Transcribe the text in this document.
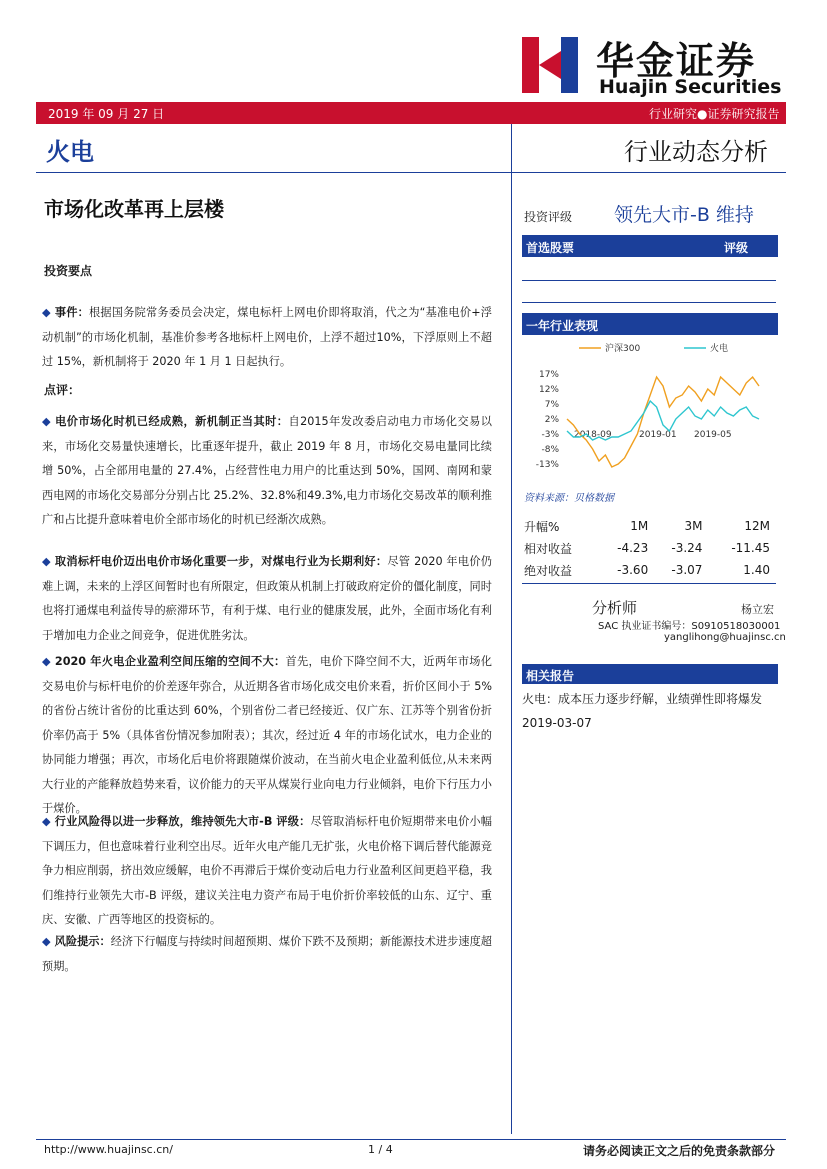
华金证券
Huajin Securities
2019 年 09 月 27 日	行业研究●证券研究报告
火电	行业动态分析
市场化改革再上层楼
投资要点
◆ 事件：根据国务院常务委员会决定，煤电标杆上网电价即将取消，代之为“基准电价+浮动机制”的市场化机制，基准价参考各地标杆上网电价，上浮不超过10%，下浮原则上不超过 15%，新机制将于 2020 年 1 月 1 日起执行。
点评：
◆ 电价市场化时机已经成熟，新机制正当其时：自2015年发改委启动电力市场化交易以来，市场化交易量快速增长，比重逐年提升，截止 2019 年 8 月，市场化交易电量同比续增 50%，占全部用电量的 27.4%，占经营性电力用户的比重达到 50%，国网、南网和蒙西电网的市场化交易部分分别占比 25.2%、32.8%和49.3%,电力市场化交易改革的顺利推广和占比提升意味着电价全部市场化的时机已经渐次成熟。
◆ 取消标杆电价迈出电价市场化重要一步，对煤电行业为长期利好：尽管 2020 年电价仍难上调，未来的上浮区间暂时也有所限定，但政策从机制上打破政府定价的僵化制度，同时也将打通煤电利益传导的瘀滞环节，有利于煤、电行业的健康发展，此外，全面市场化有利于增加电力企业之间竞争，促进优胜劣汰。
◆ 2020 年火电企业盈利空间压缩的空间不大：首先，电价下降空间不大，近两年市场化交易电价与标杆电价的价差逐年弥合，从近期各省市场化成交电价来看，折价区间小于 5%的省份占统计省份的比重达到 60%，个别省份二者已经接近、仅广东、江苏等个别省份折价率仍高于 5%（具体省份情况参加附表）；其次，经过近 4 年的市场化试水，电力企业的协同能力增强；再次，市场化后电价将跟随煤价波动，在当前火电企业盈利低位,从未来两大行业的产能释放趋势来看，议价能力的天平从煤炭行业向电力行业倾斜，电价下行压力小于煤价。
◆ 行业风险得以进一步释放，维持领先大市-B 评级：尽管取消标杆电价短期带来电价小幅下调压力，但也意味着行业利空出尽。近年火电产能几无扩张，火电价格下调后替代能源竞争力相应削弱，挤出效应缓解，电价不再滞后于煤价变动后电力行业盈利区间更趋平稳，我们维持行业领先大市-B 评级，建议关注电力资产布局于电价折价率较低的山东、辽宁、重庆、安徽、广西等地区的投资标的。
◆ 风险提示：经济下行幅度与持续时间超预期、煤价下跌不及预期；新能源技术进步速度超预期。
投资评级 领先大市-B 维持
首选股票	评级
一年行业表现
沪深300	火电
17%
12%
7%
2%
-3%
-8%
-13%
2018-09	2019-01 2019-05
资料来源：贝格数据
升幅%	1M	3M	12M
相对收益	-4.23	-3.24	-11.45
绝对收益	-3.60	-3.07	1.40
分析师	杨立宏
SAC 执业证书编号：S0910518030001
yanglihong@huajinsc.cn
相关报告
火电：成本压力逐步纾解，业绩弹性即将爆发 2019-03-07
http://www.huajinsc.cn/	1 / 4	请务必阅读正文之后的免责条款部分
